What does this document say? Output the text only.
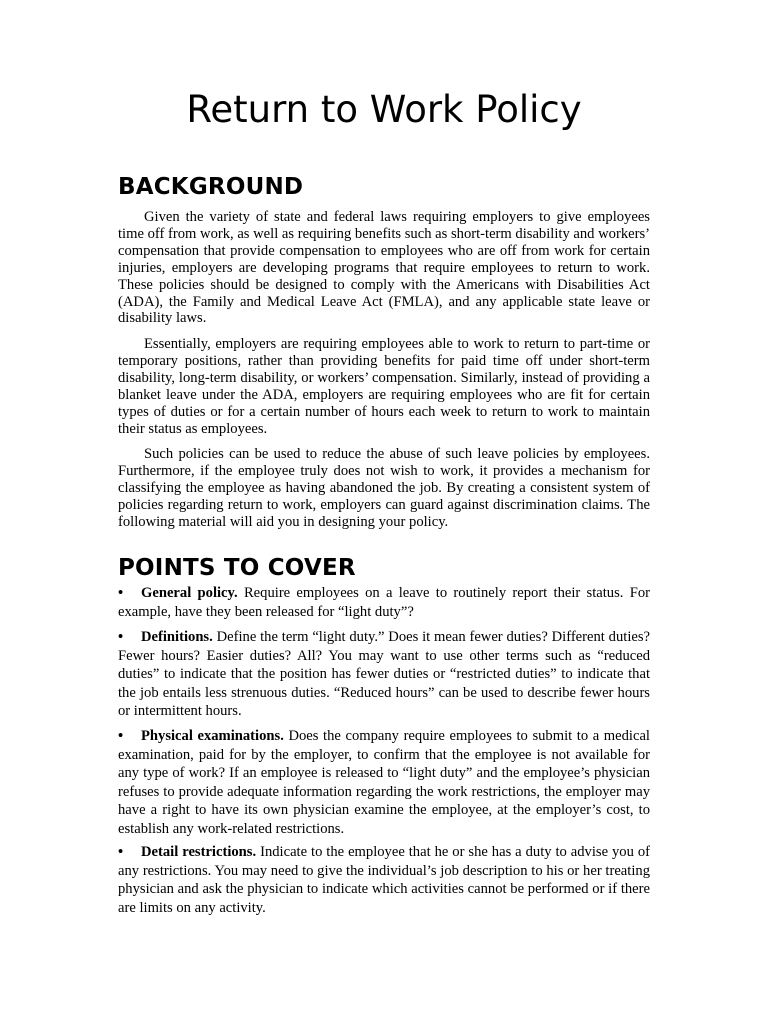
Return to Work Policy
BACKGROUND

Given the variety of state and federal laws requiring employers to give employees time off from work, as well as requiring benefits such as short-term disability and workers’ compensation that provide compensation to employees who are off from work for certain injuries, employers are developing programs that require employees to return to work. These policies should be designed to comply with the Americans with Disabilities Act (ADA), the Family and Medical Leave Act (FMLA), and any applicable state leave or disability laws.

Essentially, employers are requiring employees able to work to return to part-time or temporary positions, rather than providing benefits for paid time off under short-term disability, long-term disability, or workers’ compensation. Similarly, instead of providing a blanket leave under the ADA, employers are requiring employees who are fit for certain types of duties or for a certain number of hours each week to return to work to maintain their status as employees.

Such policies can be used to reduce the abuse of such leave policies by employees. Furthermore, if the employee truly does not wish to work, it provides a mechanism for classifying the employee as having abandoned the job. By creating a consistent system of policies regarding return to work, employers can guard against discrimination claims. The following material will aid you in designing your policy.

POINTS TO COVER

• General policy. Require employees on a leave to routinely report their status. For example, have they been released for “light duty”?

• Definitions. Define the term “light duty.” Does it mean fewer duties? Different duties? Fewer hours? Easier duties? All? You may want to use other terms such as “reduced duties” to indicate that the position has fewer duties or “restricted duties” to indicate that the job entails less strenuous duties. “Reduced hours” can be used to describe fewer hours or intermittent hours.

• Physical examinations. Does the company require employees to submit to a medical examination, paid for by the employer, to confirm that the employee is not available for any type of work? If an employee is released to “light duty” and the employee’s physician refuses to provide adequate information regarding the work restrictions, the employer may have a right to have its own physician examine the employee, at the employer’s cost, to establish any work-related restrictions.

• Detail restrictions. Indicate to the employee that he or she has a duty to advise you of any restrictions. You may need to give the individual’s job description to his or her treating physician and ask the physician to indicate which activities cannot be performed or if there are limits on any activity.
